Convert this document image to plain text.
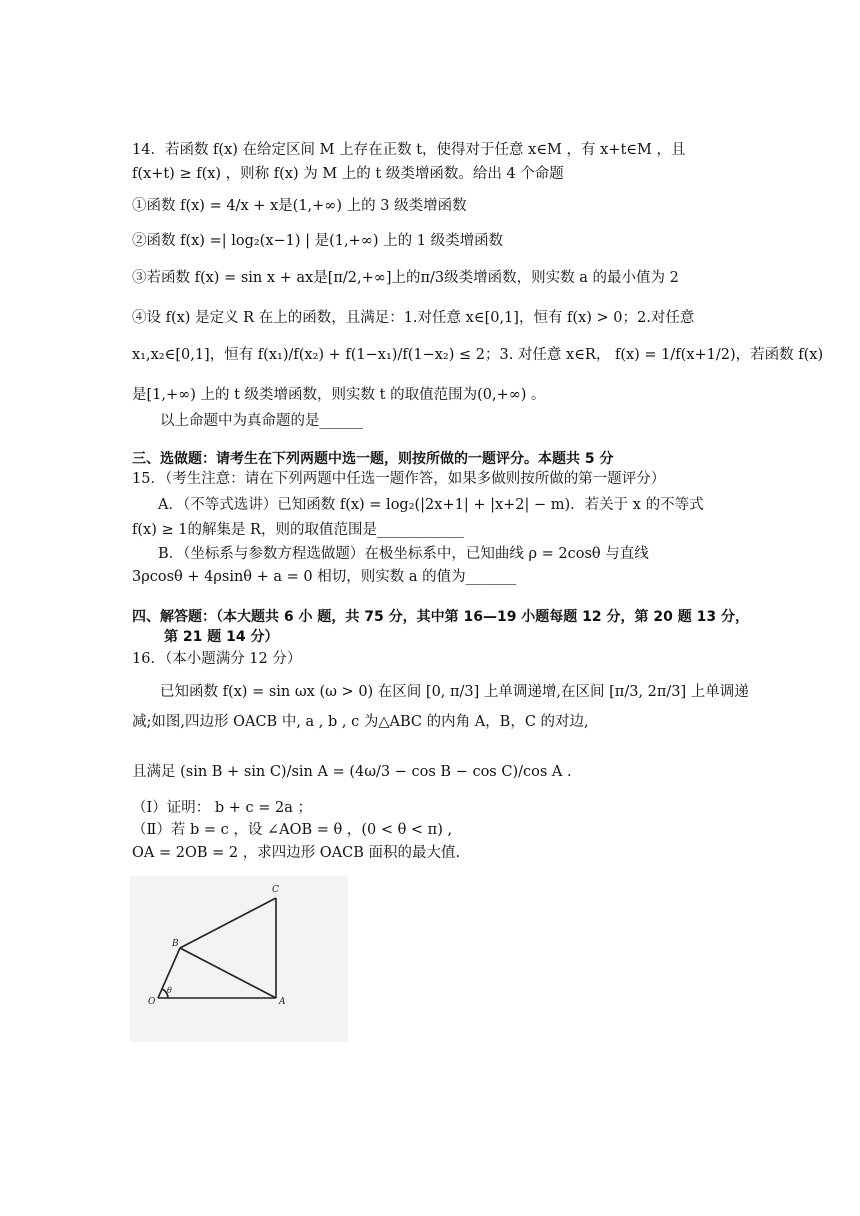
14．若函数 f(x) 在给定区间 M 上存在正数 t，使得对于任意 x∈M ，有 x+t∈M ，且
f(x+t) ≥ f(x) ，则称 f(x) 为 M 上的 t 级类增函数。给出 4 个命题
①函数 f(x) = 4/x + x是(1,+∞) 上的 3 级类增函数
②函数 f(x) =| log₂(x−1) | 是(1,+∞) 上的 1 级类增函数
③若函数 f(x) = sin x + ax是[π/2,+∞]上的π/3级类增函数，则实数 a 的最小值为 2
④设 f(x) 是定义 R 在上的函数，且满足：1.对任意 x∈[0,1]，恒有 f(x) > 0；2.对任意
x₁,x₂∈[0,1]，恒有 f(x₁)/f(x₂) + f(1−x₁)/f(1−x₂) ≤ 2；3. 对任意 x∈R， f(x) = 1/f(x+1/2)，若函数 f(x)
是[1,+∞) 上的 t 级类增函数，则实数 t 的取值范围为(0,+∞) 。
以上命题中为真命题的是______
三、选做题：请考生在下列两题中选一题，则按所做的一题评分。本题共 5 分
15．（考生注意：请在下列两题中任选一题作答，如果多做则按所做的第一题评分）
A．（不等式选讲）已知函数 f(x) = log₂(|2x+1| + |x+2| − m)．若关于 x 的不等式
f(x) ≥ 1的解集是 R，则的取值范围是____________
B．（坐标系与参数方程选做题）在极坐标系中，已知曲线 ρ = 2cosθ 与直线
3ρcosθ + 4ρsinθ + a = 0 相切，则实数 a 的值为_______
四、解答题：（本大题共 6 小 题，共 75 分，其中第 16—19 小题每题 12 分，第 20 题 13 分，
第 21 题 14 分）
16．（本小题满分 12 分）
已知函数 f(x) = sin ωx (ω > 0) 在区间 [0, π/3] 上单调递增,在区间 [π/3, 2π/3] 上单调递
减;如图,四边形 OACB 中, a , b , c 为△ABC 的内角 A，B，C 的对边,
且满足 (sin B + sin C)/sin A = (4ω/3 − cos B − cos C)/cos A .
（Ⅰ）证明： b + c = 2a ；
（Ⅱ）若 b = c ，设 ∠AOB = θ ，(0 < θ < π) ,
OA = 2OB = 2 ，求四边形 OACB 面积的最大值.
O	A
B
C
θ
